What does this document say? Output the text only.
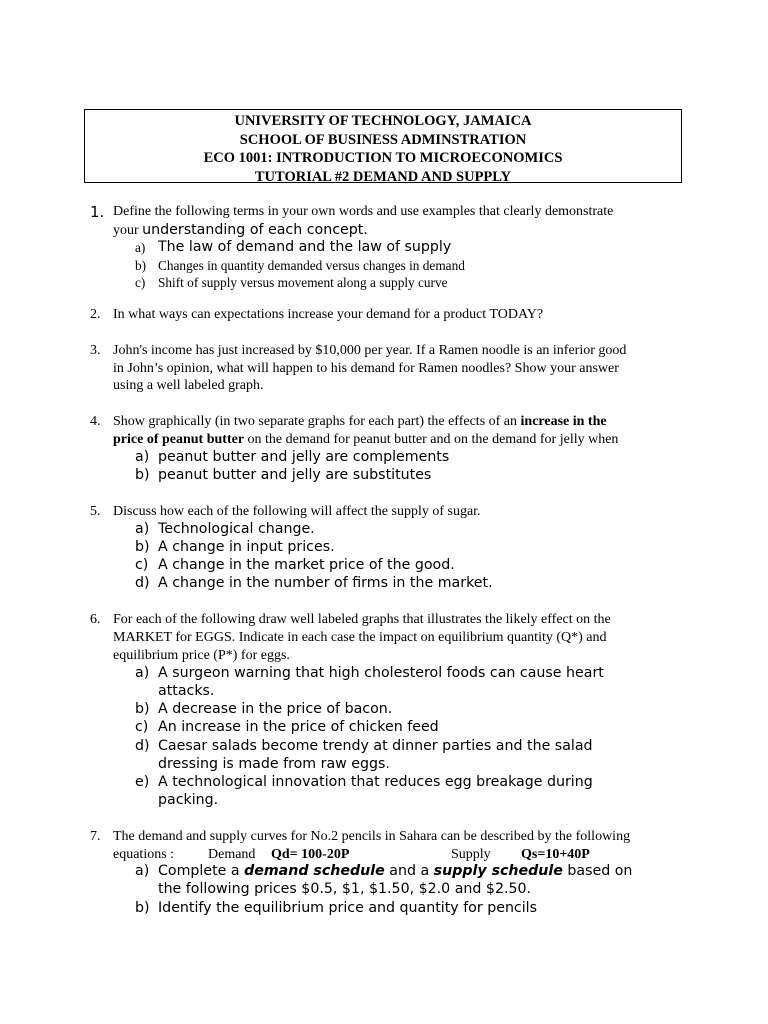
UNIVERSITY OF TECHNOLOGY, JAMAICA
SCHOOL OF BUSINESS ADMINSTRATION
ECO 1001: INTRODUCTION TO MICROECONOMICS
TUTORIAL #2 DEMAND AND SUPPLY
1. Define the following terms in your own words and use examples that clearly demonstrate
your understanding of each concept.
a) The law of demand and the law of supply
b) Changes in quantity demanded versus changes in demand
c) Shift of supply versus movement along a supply curve
2. In what ways can expectations increase your demand for a product TODAY?
3. John's income has just increased by $10,000 per year. If a Ramen noodle is an inferior good
in John’s opinion, what will happen to his demand for Ramen noodles? Show your answer
using a well labeled graph.
4. Show graphically (in two separate graphs for each part) the effects of an increase in the
price of peanut butter on the demand for peanut butter and on the demand for jelly when
a) peanut butter and jelly are complements
b) peanut butter and jelly are substitutes
5. Discuss how each of the following will affect the supply of sugar.
a) Technological change.
b) A change in input prices.
c) A change in the market price of the good.
d) A change in the number of firms in the market.
6. For each of the following draw well labeled graphs that illustrates the likely effect on the
MARKET for EGGS. Indicate in each case the impact on equilibrium quantity (Q*) and
equilibrium price (P*) for eggs.
a) A surgeon warning that high cholesterol foods can cause heart
attacks.
b) A decrease in the price of bacon.
c) An increase in the price of chicken feed
d) Caesar salads become trendy at dinner parties and the salad
dressing is made from raw eggs.
e) A technological innovation that reduces egg breakage during
packing.
7. The demand and supply curves for No.2 pencils in Sahara can be described by the following
equations : Demand Qd= 100-20P	Supply Qs=10+40P
a) Complete a demand schedule and a supply schedule based on
the following prices $0.5, $1, $1.50, $2.0 and $2.50.
b) Identify the equilibrium price and quantity for pencils
